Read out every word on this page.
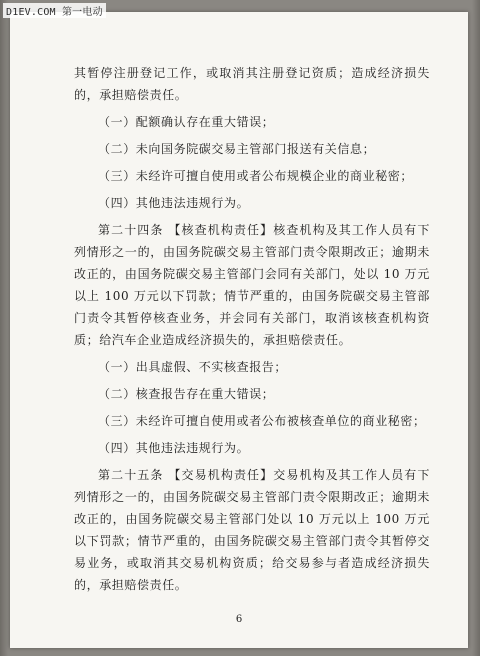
D1EV.COM 第一电动

其暂停注册登记工作，或取消其注册登记资质；造成经济损失的，承担赔偿责任。

（一）配额确认存在重大错误；

（二）未向国务院碳交易主管部门报送有关信息；

（三）未经许可擅自使用或者公布规模企业的商业秘密；

（四）其他违法违规行为。

第二十四条 【核查机构责任】核查机构及其工作人员有下列情形之一的，由国务院碳交易主管部门责令限期改正；逾期未改正的，由国务院碳交易主管部门会同有关部门，处以 10 万元以上 100 万元以下罚款；情节严重的，由国务院碳交易主管部门责令其暂停核查业务，并会同有关部门，取消该核查机构资质；给汽车企业造成经济损失的，承担赔偿责任。

（一）出具虚假、不实核查报告；

（二）核查报告存在重大错误；

（三）未经许可擅自使用或者公布被核查单位的商业秘密；

（四）其他违法违规行为。

第二十五条 【交易机构责任】交易机构及其工作人员有下列情形之一的，由国务院碳交易主管部门责令限期改正；逾期未改正的，由国务院碳交易主管部门处以 10 万元以上 100 万元以下罚款；情节严重的，由国务院碳交易主管部门责令其暂停交易业务，或取消其交易机构资质；给交易参与者造成经济损失的，承担赔偿责任。

6
